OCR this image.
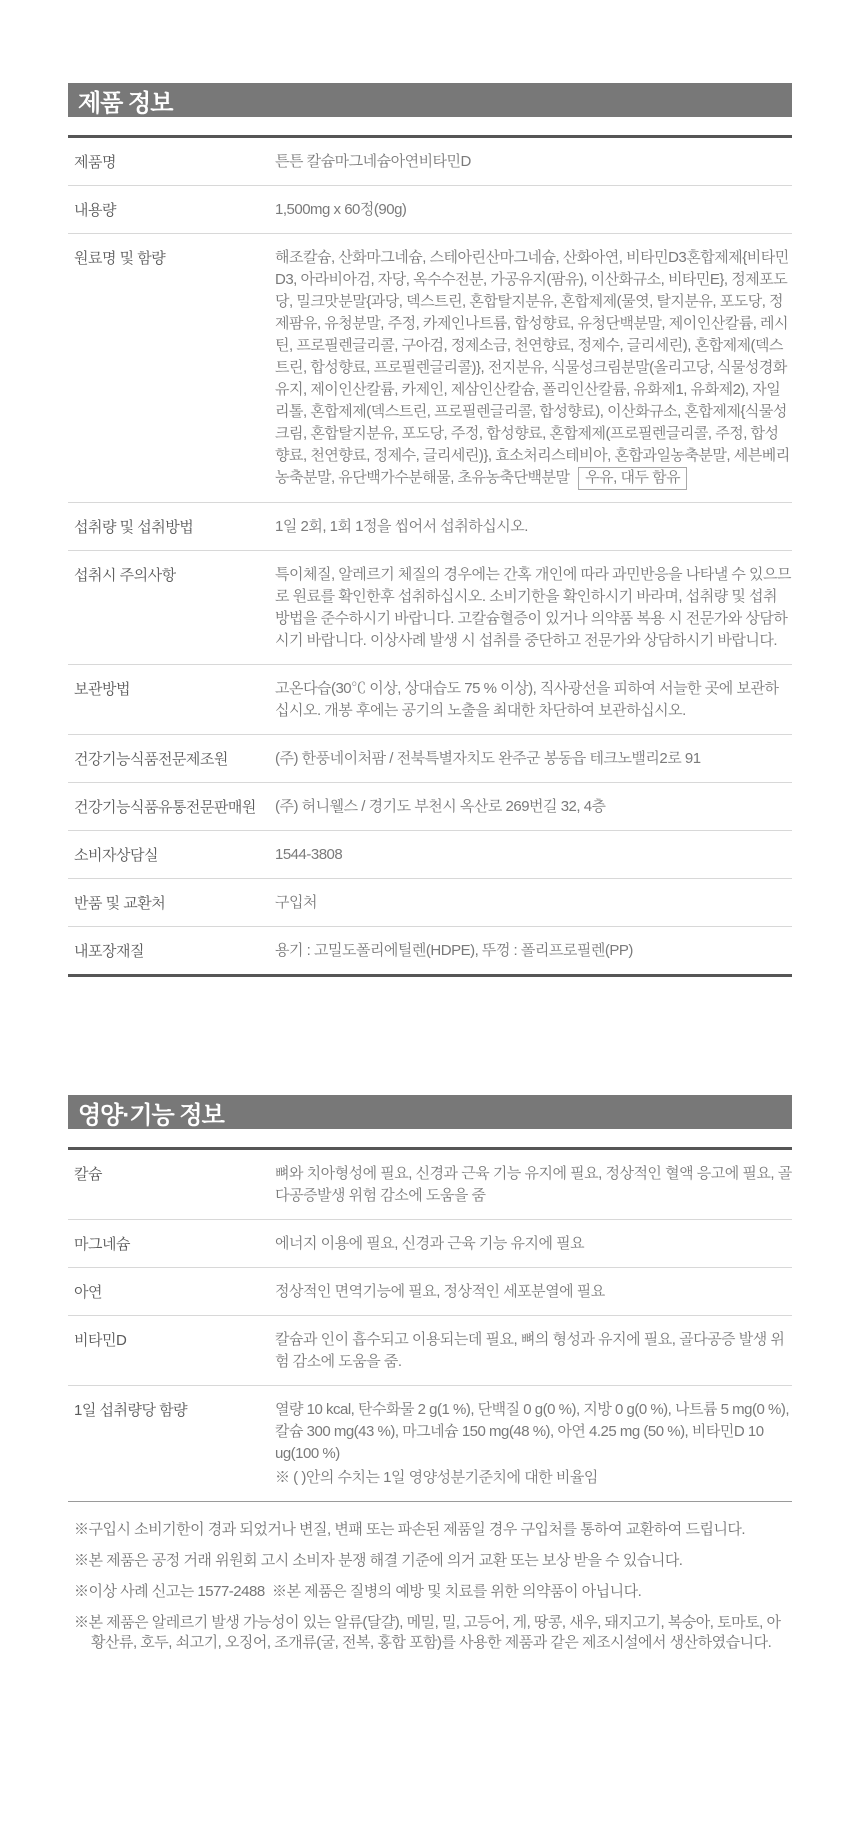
제품 정보
제품명	튼튼 칼슘마그네슘아연비타민D
내용량	1,500mg x 60정(90g)
원료명 및 함량	해조칼슘, 산화마그네슘, 스테아린산마그네슘, 산화아연, 비타민D3혼합제제{비타민D3, 아라비아검, 자당, 옥수수전분, 가공유지(팜유), 이산화규소, 비타민E}, 정제포도당, 밀크맛분말{과당, 덱스트린, 혼합탈지분유, 혼합제제(물엿, 탈지분유, 포도당, 정제팜유, 유청분말, 주정, 카제인나트륨, 합성향료, 유청단백분말, 제이인산칼륨, 레시틴, 프로필렌글리콜, 구아검, 정제소금, 천연향료, 정제수, 글리세린), 혼합제제(덱스트린, 합성향료, 프로필렌글리콜)}, 전지분유, 식물성크림분말(올리고당, 식물성경화유지, 제이인산칼륨, 카제인, 제삼인산칼슘, 폴리인산칼륨, 유화제1, 유화제2), 자일리톨, 혼합제제(덱스트린, 프로필렌글리콜, 합성향료), 이산화규소, 혼합제제{식물성크림, 혼합탈지분유, 포도당, 주정, 합성향료, 혼합제제(프로필렌글리콜, 주정, 합성향료, 천연향료, 정제수, 글리세린)}, 효소처리스테비아, 혼합과일농축분말, 세븐베리농축분말, 유단백가수분해물, 초유농축단백분말 우유, 대두 함유
섭취량 및 섭취방법	1일 2회, 1회 1정을 씹어서 섭취하십시오.
섭취시 주의사항	특이체질, 알레르기 체질의 경우에는 간혹 개인에 따라 과민반응을 나타낼 수 있으므로 원료를 확인한후 섭취하십시오. 소비기한을 확인하시기 바라며, 섭취량 및 섭취 방법을 준수하시기 바랍니다. 고칼슘혈증이 있거나 의약품 복용 시 전문가와 상담하시기 바랍니다. 이상사례 발생 시 섭취를 중단하고 전문가와 상담하시기 바랍니다.
보관방법	고온다습(30℃ 이상, 상대습도 75 % 이상), 직사광선을 피하여 서늘한 곳에 보관하십시오. 개봉 후에는 공기의 노출을 최대한 차단하여 보관하십시오.
건강기능식품전문제조원	(주) 한풍네이처팜 / 전북특별자치도 완주군 봉동읍 테크노밸리2로 91
건강기능식품유통전문판매원	(주) 허니웰스 / 경기도 부천시 옥산로 269번길 32, 4층
소비자상담실	1544-3808
반품 및 교환처	구입처
내포장재질	용기 : 고밀도폴리에틸렌(HDPE), 뚜껑 : 폴리프로필렌(PP)
영양·기능 정보
칼슘	뼈와 치아형성에 필요, 신경과 근육 기능 유지에 필요, 정상적인 혈액 응고에 필요, 골다공증발생 위험 감소에 도움을 줌
마그네슘	에너지 이용에 필요, 신경과 근육 기능 유지에 필요
아연	정상적인 면역기능에 필요, 정상적인 세포분열에 필요
비타민D	칼슘과 인이 흡수되고 이용되는데 필요, 뼈의 형성과 유지에 필요, 골다공증 발생 위험 감소에 도움을 줌.
1일 섭취량당 함량	열량 10 kcal, 탄수화물 2 g(1 %), 단백질 0 g(0 %), 지방 0 g(0 %), 나트륨 5 mg(0 %), 칼슘 300 mg(43 %), 마그네슘 150 mg(48 %), 아연 4.25 mg (50 %), 비타민D 10 ug(100 %)
※ ( )안의 수치는 1일 영양성분기준치에 대한 비율임

※구입시 소비기한이 경과 되었거나 변질, 변패 또는 파손된 제품일 경우 구입처를 통하여 교환하여 드립니다.

※본 제품은 공정 거래 위원회 고시 소비자 분쟁 해결 기준에 의거 교환 또는 보상 받을 수 있습니다.

※이상 사례 신고는 1577-2488  ※본 제품은 질병의 예방 및 치료를 위한 의약품이 아닙니다.

※본 제품은 알레르기 발생 가능성이 있는 알류(달걀), 메밀, 밀, 고등어, 게, 땅콩, 새우, 돼지고기, 복숭아, 토마토, 아황산류, 호두, 쇠고기, 오징어, 조개류(굴, 전복, 홍합 포함)를 사용한 제품과 같은 제조시설에서 생산하였습니다.
